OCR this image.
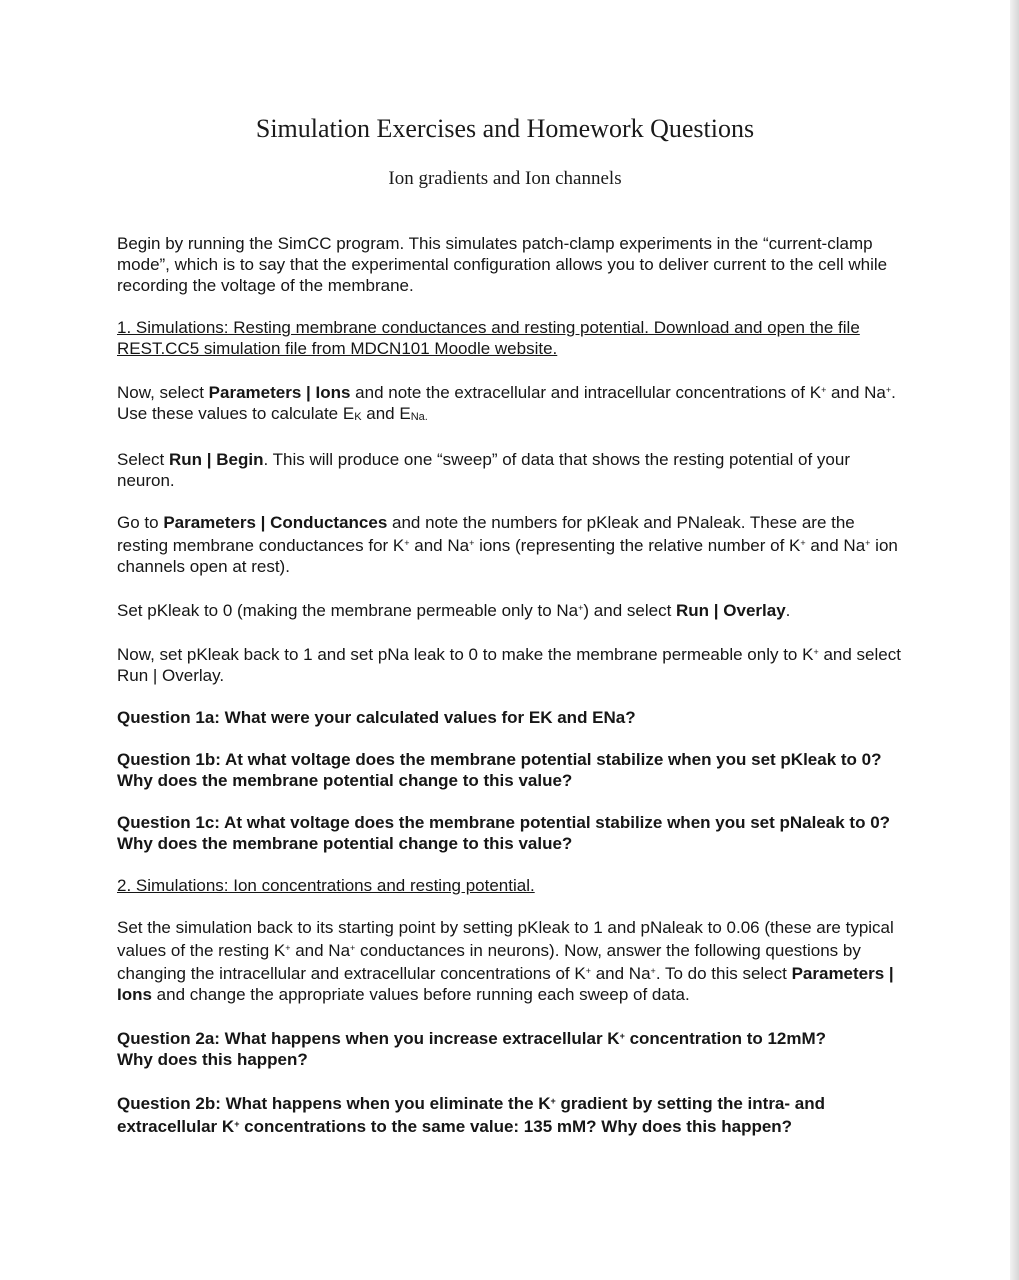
Simulation Exercises and Homework Questions
Ion gradients and Ion channels

Begin by running the SimCC program. This simulates patch-clamp experiments in the “current-clamp mode”, which is to say that the experimental configuration allows you to deliver current to the cell while recording the voltage of the membrane.

1. Simulations: Resting membrane conductances and resting potential. Download and open the file REST.CC5 simulation file from MDCN101 Moodle website.

Now, select Parameters | Ions and note the extracellular and intracellular concentrations of K+ and Na+. Use these values to calculate EK and ENa.

Select Run | Begin. This will produce one “sweep” of data that shows the resting potential of your neuron.

Go to Parameters | Conductances and note the numbers for pKleak and PNaleak. These are the resting membrane conductances for K+ and Na+ ions (representing the relative number of K+ and Na+ ion channels open at rest).

Set pKleak to 0 (making the membrane permeable only to Na+) and select Run | Overlay.

Now, set pKleak back to 1 and set pNa leak to 0 to make the membrane permeable only to K+ and select Run | Overlay.

Question 1a: What were your calculated values for EK and ENa?

Question 1b: At what voltage does the membrane potential stabilize when you set pKleak to 0?
Why does the membrane potential change to this value?

Question 1c: At what voltage does the membrane potential stabilize when you set pNaleak to 0?
Why does the membrane potential change to this value?

2. Simulations: Ion concentrations and resting potential.

Set the simulation back to its starting point by setting pKleak to 1 and pNaleak to 0.06 (these are typical values of the resting K+ and Na+ conductances in neurons). Now, answer the following questions by changing the intracellular and extracellular concentrations of K+ and Na+. To do this select Parameters | Ions and change the appropriate values before running each sweep of data.

Question 2a: What happens when you increase extracellular K+ concentration to 12mM?
Why does this happen?

Question 2b: What happens when you eliminate the K+ gradient by setting the intra- and extracellular K+ concentrations to the same value: 135 mM? Why does this happen?
